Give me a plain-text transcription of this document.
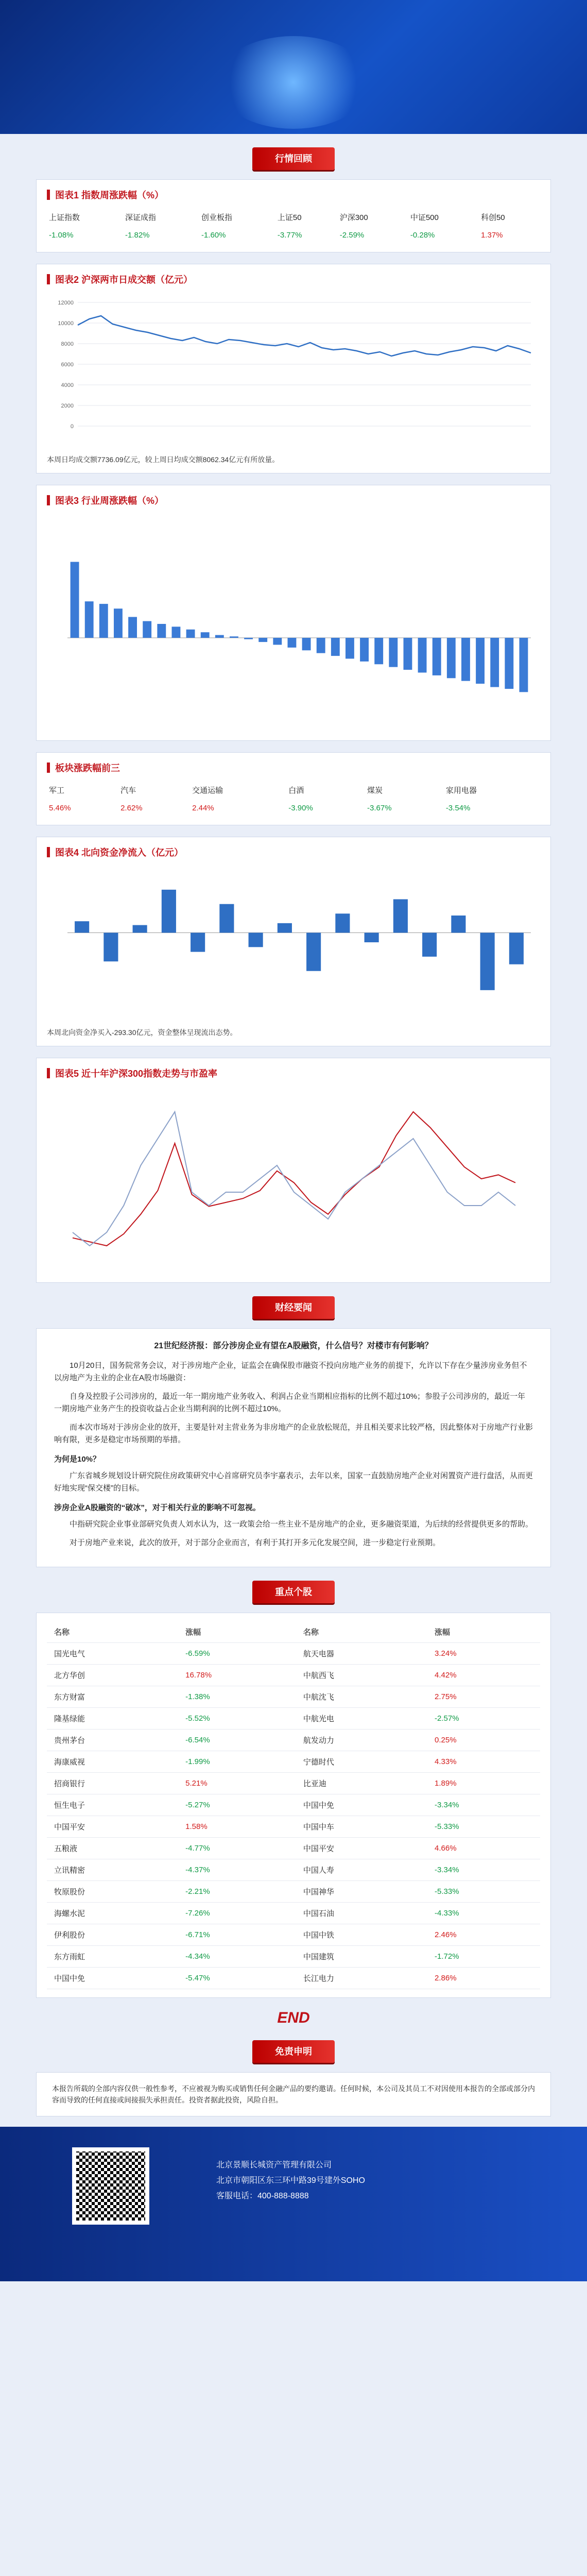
行情回顾
图表1 指数周涨跌幅（%）
上证指数	深证成指	创业板指	上证50	沪深300	中证500	科创50
-1.08%	-1.82%	-1.60%	-3.77%	-2.59%	-0.28%	1.37%
图表2 沪深两市日成交额（亿元）
0
2000
4000
6000
8000
10000
12000
本周日均成交额7736.09亿元，较上周日均成交额8062.34亿元有所放量。
图表3 行业周涨跌幅（%）
板块涨跌幅前三
军工	汽车	交通运输	白酒	煤炭	家用电器
5.46%	2.62%	2.44%	-3.90%	-3.67%	-3.54%
图表4 北向资金净流入（亿元）
本周北向资金净买入-293.30亿元，资金整体呈现流出态势。
图表5 近十年沪深300指数走势与市盈率
财经要闻
21世纪经济报：部分涉房企业有望在A股融资，什么信号？对楼市有何影响？

10月20日，国务院常务会议，对于涉房地产企业，证监会在确保股市融资不投向房地产业务的前提下，允许以下存在少量涉房业务但不以房地产为主业的企业在A股市场融资：

自身及控股子公司涉房的，最近一年一期房地产业务收入、利润占企业当期相应指标的比例不超过10%；参股子公司涉房的，最近一年一期房地产业务产生的投资收益占企业当期利润的比例不超过10%。

而本次市场对于涉房企业的放开，主要是针对主营业务为非房地产的企业放松规范，并且相关要求比较严格，因此整体对于房地产行业影响有限，更多是稳定市场预期的举措。

为何是10%？

广东省城乡规划设计研究院住房政策研究中心首席研究员李宇嘉表示，去年以来，国家一直鼓励房地产企业对闲置资产进行盘活，从而更好地实现“保交楼”的目标。

涉房企业A股融资的“破冰”，对于相关行业的影响不可忽视。

中指研究院企业事业部研究负责人刘水认为，这一政策会给一些主业不是房地产的企业，更多融资渠道，为后续的经营提供更多的帮助。

对于房地产业来说，此次的放开，对于部分企业而言，有利于其打开多元化发展空间，进一步稳定行业预期。

重点个股
名称	涨幅	名称	涨幅
国光电气	-6.59%	航天电器	3.24%
北方华创	16.78%	中航西飞	4.42%
东方财富	-1.38%	中航沈飞	2.75%
隆基绿能	-5.52%	中航光电	-2.57%
贵州茅台	-6.54%	航发动力	0.25%
海康威视	-1.99%	宁德时代	4.33%
招商银行	5.21%	比亚迪	1.89%
恒生电子	-5.27%	中国中免	-3.34%
中国平安	1.58%	中国中车	-5.33%
五粮液	-4.77%	中国平安	4.66%
立讯精密	-4.37%	中国人寿	-3.34%
牧原股份	-2.21%	中国神华	-5.33%
海螺水泥	-7.26%	中国石油	-4.33%
伊利股份	-6.71%	中国中铁	2.46%
东方雨虹	-4.34%	中国建筑	-1.72%
中国中免	-5.47%	长江电力	2.86%
END
免责申明
本报告所载的全部内容仅供一般性参考，不应被视为购买或销售任何金融产品的要约邀请。任何时候，本公司及其员工不对因使用本报告的全部或部分内容而导致的任何直接或间接损失承担责任。投资者据此投资，风险自担。
北京景顺长城资产管理有限公司
北京市朝阳区东三环中路39号建外SOHO
客服电话：400-888-8888
